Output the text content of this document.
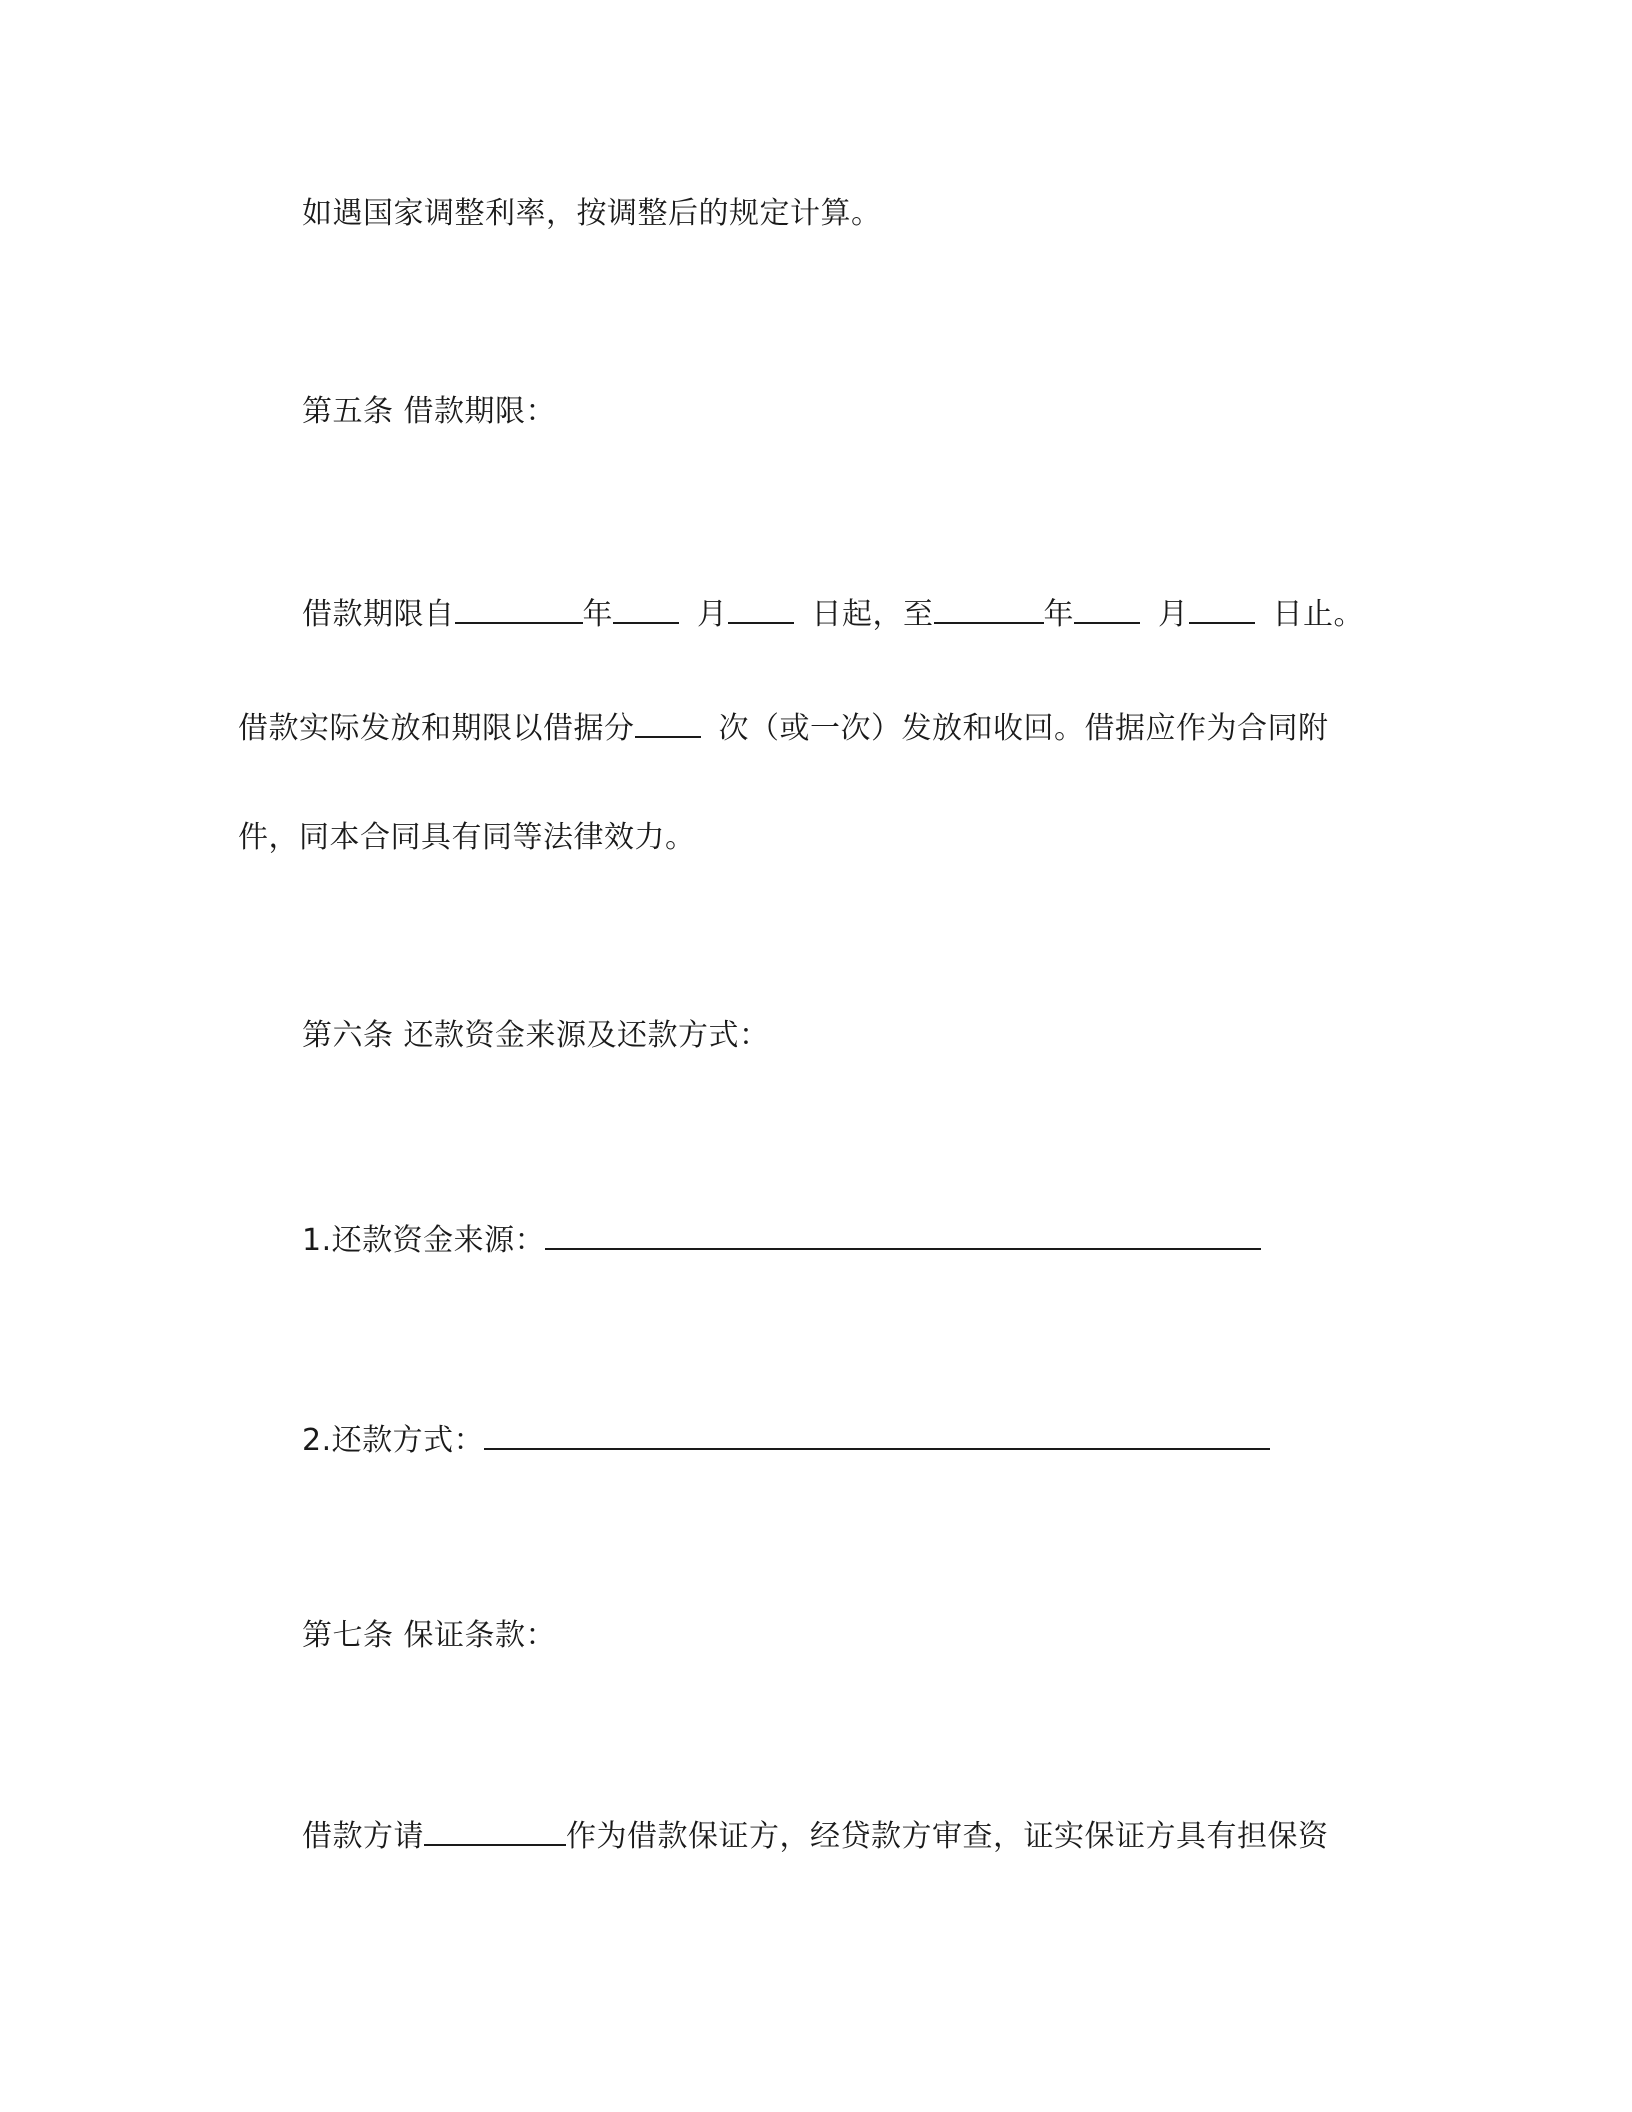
如遇国家调整利率，按调整后的规定计算。
第五条 借款期限：
借款期限自	年	月	日起，至	年	月	日止。
借款实际发放和期限以借据分	次（或一次）发放和收回。借据应作为合同附
件，同本合同具有同等法律效力。
第六条 还款资金来源及还款方式：
1.还款资金来源：
2.还款方式：
第七条 保证条款：
借款方请	作为借款保证方，经贷款方审查，证实保证方具有担保资
